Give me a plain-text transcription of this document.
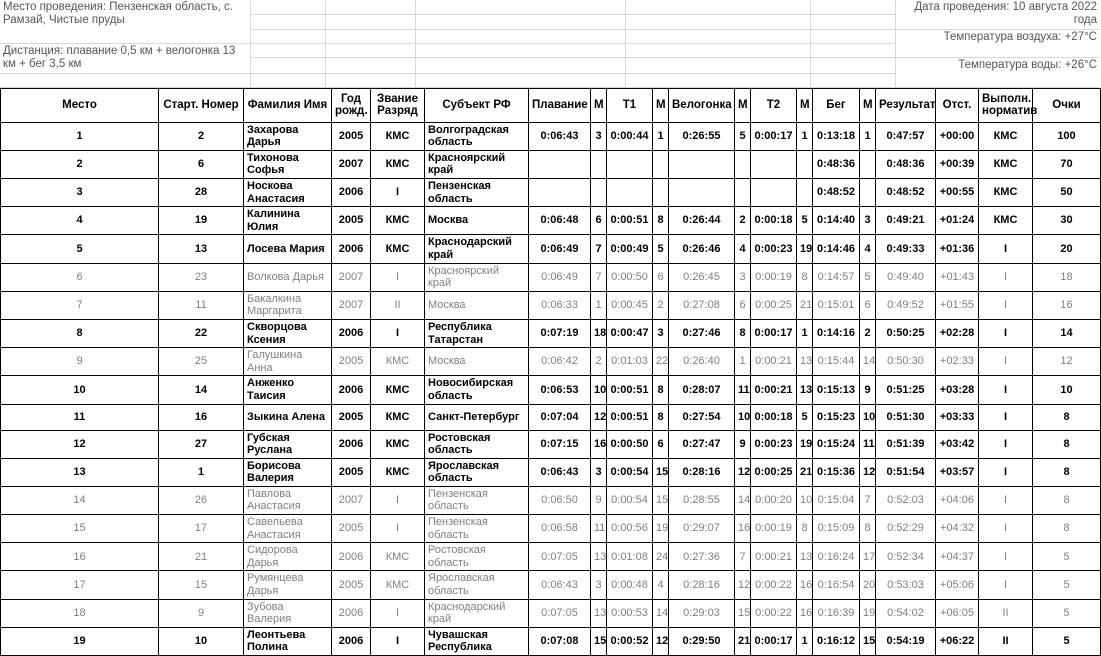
Место проведения: Пензенская область, с. Рамзай, Чистые пруды						Дата проведения: 10 августа 2022 года

						Температура воздуха: +27°C
Дистанция: плавание 0,5 км + велогонка 13 км + бег 3,5 км						
						Температура воды: +26°C

Место	Старт. Номер	Фамилия Имя	Год рожд.	Звание Разряд	Субъект РФ	Плавание	М	Т1	М	Велогонка	М	Т2	М	Бег	М	Результат	Отст.	Выполн. норматив	Очки
1	2	Захарова Дарья	2005	КМС	Волгоградская область	0:06:43	3	0:00:44	1	0:26:55	5	0:00:17	1	0:13:18	1	0:47:57	+00:00	КМС	100
2	6	Тихонова Софья	2007	КМС	Красноярский край									0:48:36		0:48:36	+00:39	КМС	70
3	28	Носкова Анастасия	2006	I	Пензенская область									0:48:52		0:48:52	+00:55	КМС	50
4	19	Калинина Юлия	2005	КМС	Москва	0:06:48	6	0:00:51	8	0:26:44	2	0:00:18	5	0:14:40	3	0:49:21	+01:24	КМС	30
5	13	Лосева Мария	2006	КМС	Краснодарский край	0:06:49	7	0:00:49	5	0:26:46	4	0:00:23	19	0:14:46	4	0:49:33	+01:36	I	20
6	23	Волкова Дарья	2007	I	Красноярский край	0:06:49	7	0:00:50	6	0:26:45	3	0:00:19	8	0:14:57	5	0:49:40	+01:43	I	18
7	11	Бакалкина Маргарита	2007	II	Москва	0:06:33	1	0:00:45	2	0:27:08	6	0:00:25	21	0:15:01	6	0:49:52	+01:55	I	16
8	22	Скворцова Ксения	2006	I	Республика Татарстан	0:07:19	18	0:00:47	3	0:27:46	8	0:00:17	1	0:14:16	2	0:50:25	+02:28	I	14
9	25	Галушкина Анна	2005	КМС	Москва	0:06:42	2	0:01:03	22	0:26:40	1	0:00:21	13	0:15:44	14	0:50:30	+02:33	I	12
10	14	Анженко Таисия	2006	КМС	Новосибирская область	0:06:53	10	0:00:51	8	0:28:07	11	0:00:21	13	0:15:13	9	0:51:25	+03:28	I	10
11	16	Зыкина Алена	2005	КМС	Санкт-Петербург	0:07:04	12	0:00:51	8	0:27:54	10	0:00:18	5	0:15:23	10	0:51:30	+03:33	I	8
12	27	Губская Руслана	2006	КМС	Ростовская область	0:07:15	16	0:00:50	6	0:27:47	9	0:00:23	19	0:15:24	11	0:51:39	+03:42	I	8
13	1	Борисова Валерия	2005	КМС	Ярославская область	0:06:43	3	0:00:54	15	0:28:16	12	0:00:25	21	0:15:36	12	0:51:54	+03:57	I	8
14	26	Павлова Анастасия	2007	I	Пензенская область	0:06:50	9	0:00:54	15	0:28:55	14	0:00:20	10	0:15:04	7	0:52:03	+04:06	I	8
15	17	Савельева Анастасия	2005	I	Пензенская область	0:06:58	11	0:00:56	19	0:29:07	16	0:00:19	8	0:15:09	8	0:52:29	+04:32	I	8
16	21	Сидорова Дарья	2006	КМС	Ростовская область	0:07:05	13	0:01:08	24	0:27:36	7	0:00:21	13	0:16:24	17	0:52:34	+04:37	I	5
17	15	Румянцева Дарья	2005	КМС	Ярославская область	0:06:43	3	0:00:48	4	0:28:16	12	0:00:22	16	0:16:54	20	0:53:03	+05:06	I	5
18	9	Зубова Валерия	2006	I	Краснодарский край	0:07:05	13	0:00:53	14	0:29:03	15	0:00:22	16	0:16:39	19	0:54:02	+06:05	II	5
19	10	Леонтьева Полина	2006	I	Чувашская Республика	0:07:08	15	0:00:52	12	0:29:50	21	0:00:17	1	0:16:12	15	0:54:19	+06:22	II	5
